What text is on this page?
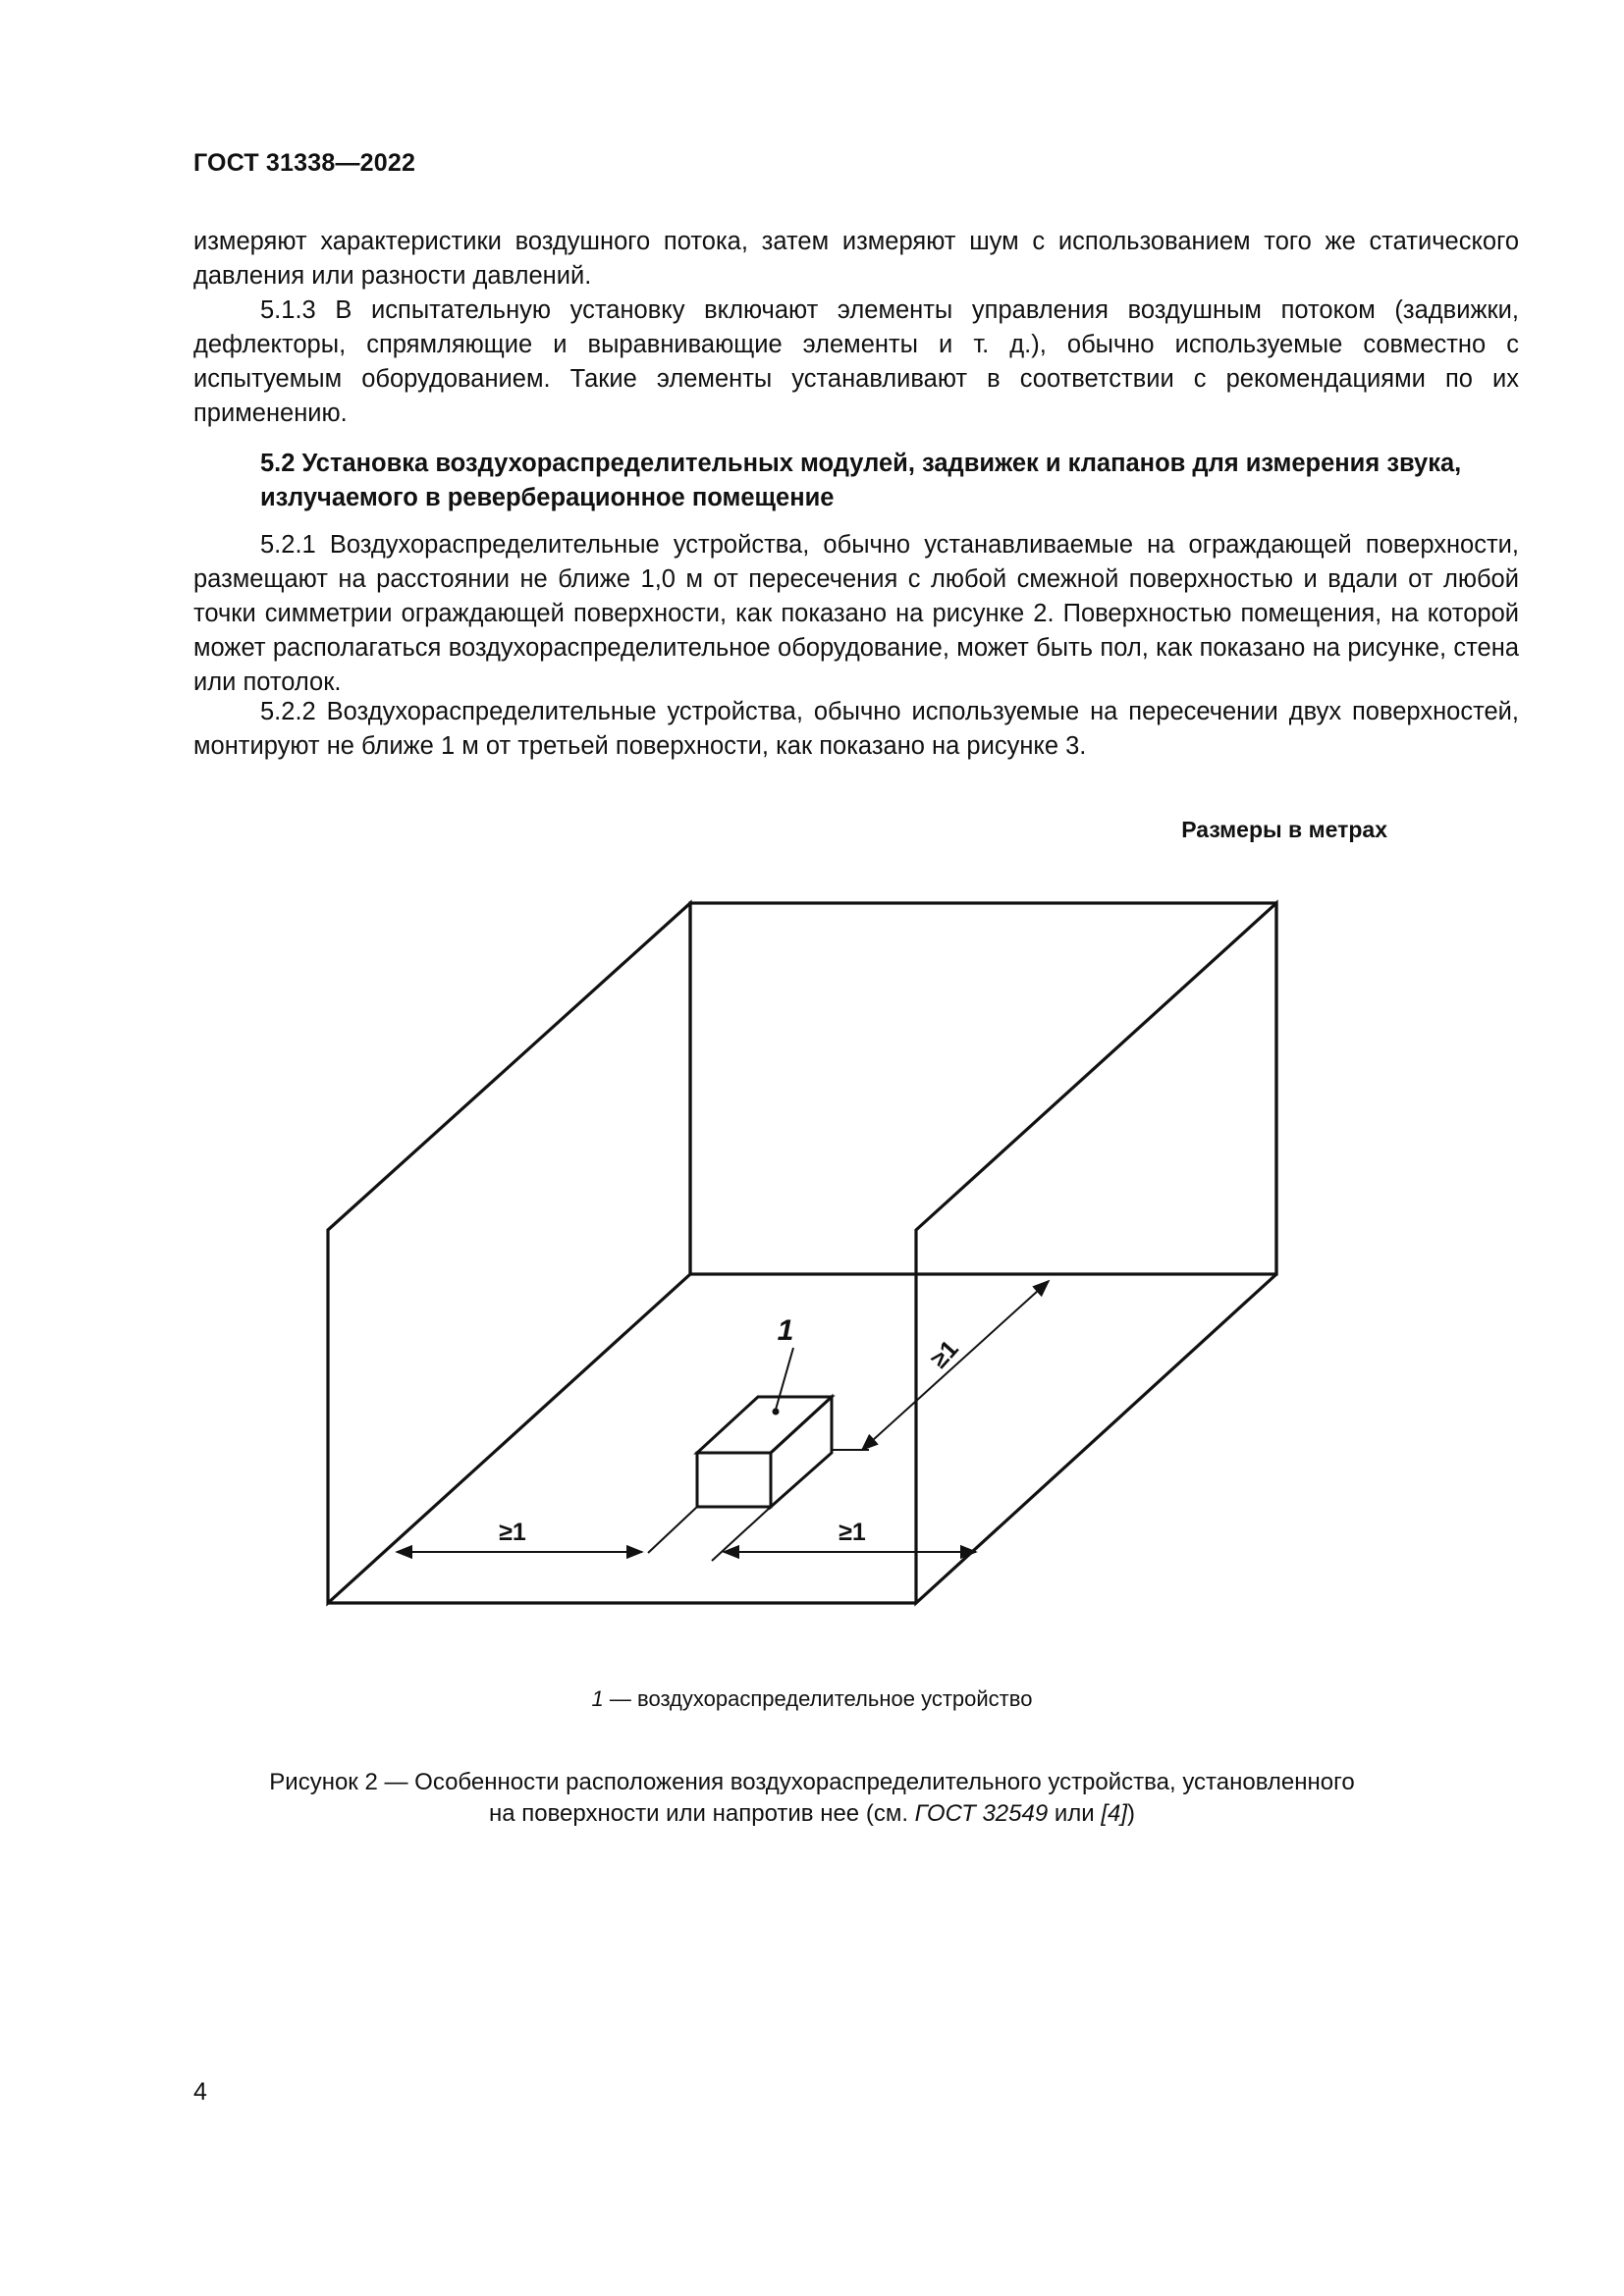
ГОСТ 31338—2022
измеряют характеристики воздушного потока, затем измеряют шум с использованием того же статического давления или разности давлений.
5.1.3 В испытательную установку включают элементы управления воздушным потоком (задвижки, дефлекторы, спрямляющие и выравнивающие элементы и т. д.), обычно используемые совместно с испытуемым оборудованием. Такие элементы устанавливают в соответствии с рекомендациями по их применению.
5.2 Установка воздухораспределительных модулей, задвижек и клапанов для измерения звука, излучаемого в реверберационное помещение
5.2.1 Воздухораспределительные устройства, обычно устанавливаемые на ограждающей поверхности, размещают на расстоянии не ближе 1,0 м от пересечения с любой смежной поверхностью и вдали от любой точки симметрии ограждающей поверхности, как показано на рисунке 2. Поверхностью помещения, на которой может располагаться воздухораспределительное оборудование, может быть пол, как показано на рисунке, стена или потолок.
5.2.2 Воздухораспределительные устройства, обычно используемые на пересечении двух поверхностей, монтируют не ближе 1 м от третьей поверхности, как показано на рисунке 3.
Размеры в метрах
1
≥1	≥1
≥1
1 — воздухораспределительное устройство
Рисунок 2 — Особенности расположения воздухораспределительного устройства, установленного
на поверхности или напротив нее (см. ГОСТ 32549 или [4])
4
